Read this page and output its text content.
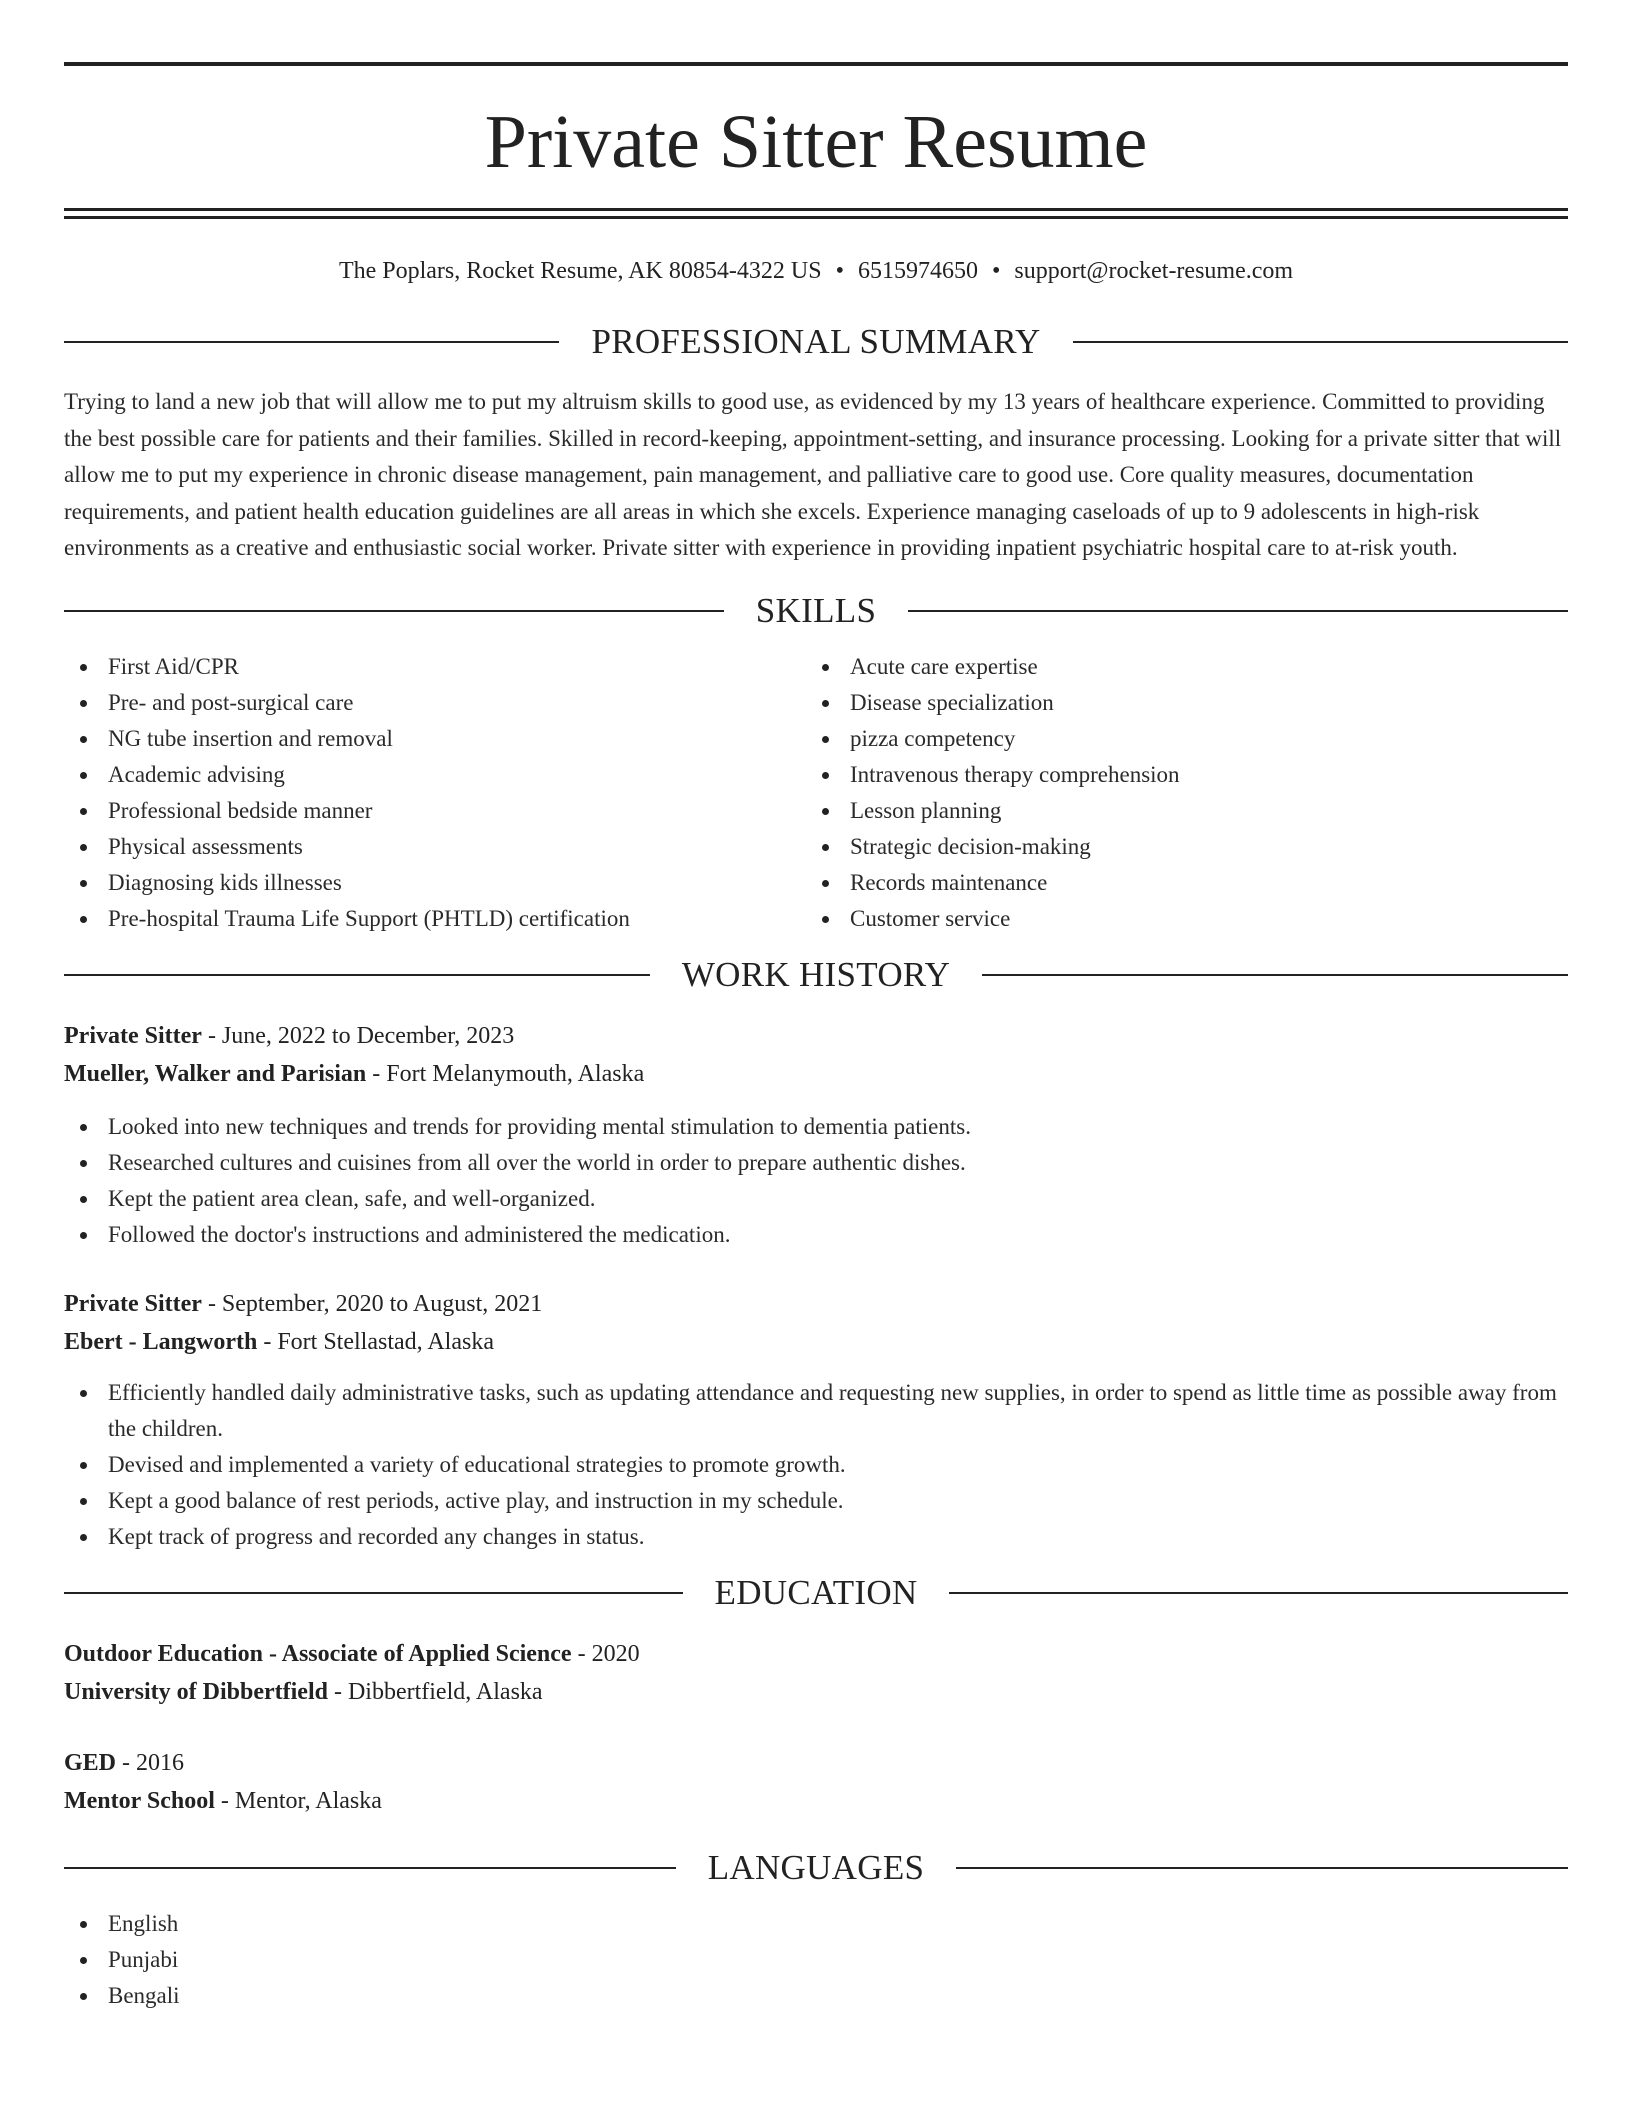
Private Sitter Resume
The Poplars, Rocket Resume, AK 80854-4322 US • 6515974650 • support@rocket-resume.com
PROFESSIONAL SUMMARY

Trying to land a new job that will allow me to put my altruism skills to good use, as evidenced by my 13 years of healthcare experience. Committed to providing the best possible care for patients and their families. Skilled in record-keeping, appointment-setting, and insurance processing. Looking for a private sitter that will allow me to put my experience in chronic disease management, pain management, and palliative care to good use. Core quality measures, documentation requirements, and patient health education guidelines are all areas in which she excels. Experience managing caseloads of up to 9 adolescents in high-risk environments as a creative and enthusiastic social worker. Private sitter with experience in providing inpatient psychiatric hospital care to at-risk youth.

SKILLS
First Aid/CPR
Pre- and post-surgical care
NG tube insertion and removal
Academic advising
Professional bedside manner
Physical assessments
Diagnosing kids illnesses
Pre-hospital Trauma Life Support (PHTLD) certification
Acute care expertise
Disease specialization
pizza competency
Intravenous therapy comprehension
Lesson planning
Strategic decision-making
Records maintenance
Customer service
WORK HISTORY
Private Sitter - June, 2022 to December, 2023
Mueller, Walker and Parisian - Fort Melanymouth, Alaska
Looked into new techniques and trends for providing mental stimulation to dementia patients.
Researched cultures and cuisines from all over the world in order to prepare authentic dishes.
Kept the patient area clean, safe, and well-organized.
Followed the doctor's instructions and administered the medication.
Private Sitter - September, 2020 to August, 2021
Ebert - Langworth - Fort Stellastad, Alaska
Efficiently handled daily administrative tasks, such as updating attendance and requesting new supplies, in order to spend as little time as possible away from the children.
Devised and implemented a variety of educational strategies to promote growth.
Kept a good balance of rest periods, active play, and instruction in my schedule.
Kept track of progress and recorded any changes in status.
EDUCATION
Outdoor Education - Associate of Applied Science - 2020
University of Dibbertfield - Dibbertfield, Alaska
GED - 2016
Mentor School - Mentor, Alaska
LANGUAGES
English
Punjabi
Bengali
